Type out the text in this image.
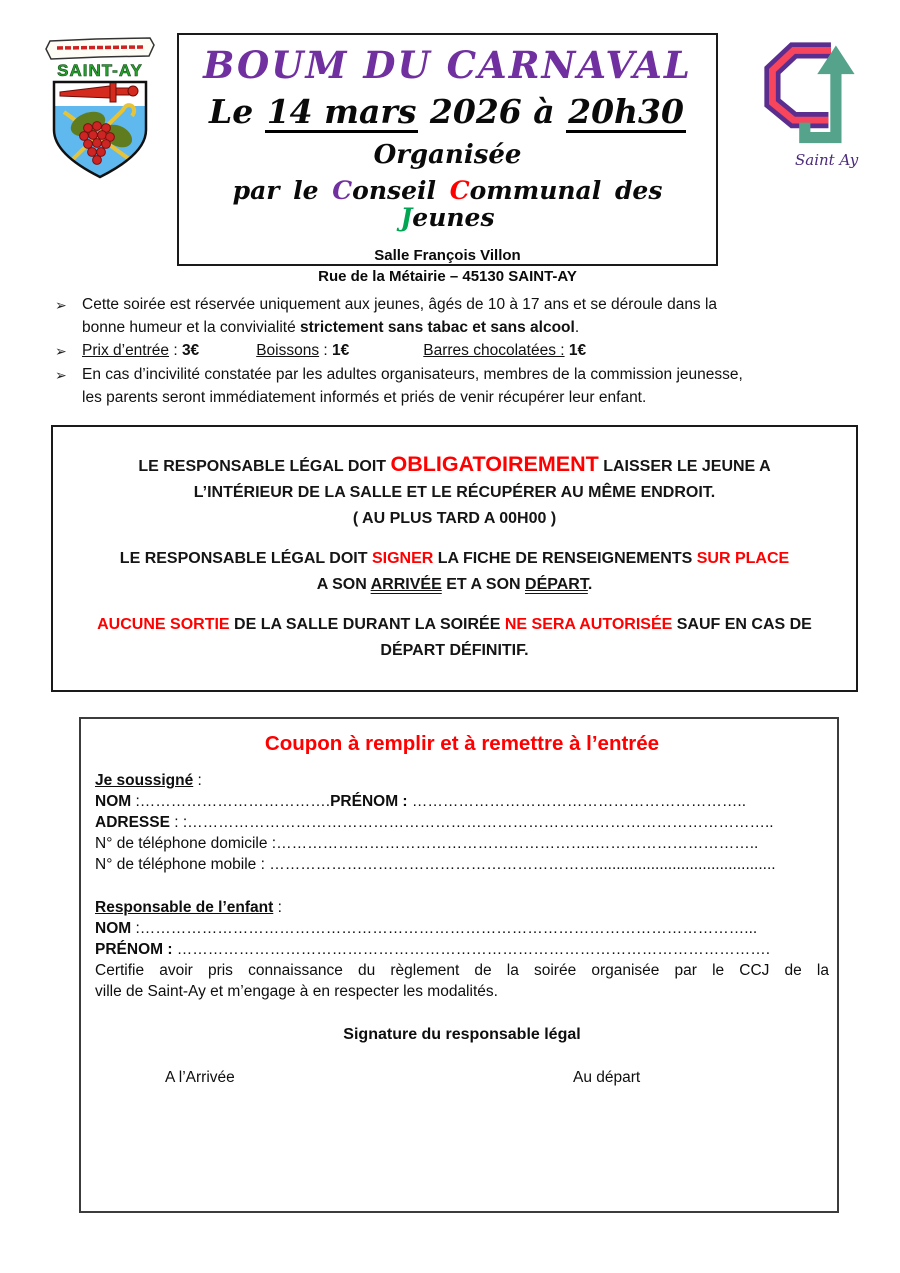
SAINT-AY	BOUM DU CARNAVAL
Le 14 mars 2026 à 20h30
Organisée
par le Conseil Communal des Jeunes
Salle François Villon
Rue de la Métairie – 45130 SAINT-AY
Saint Ay
➢ Cette soirée est réservée uniquement aux jeunes, âgés de 10 à 17 ans et se déroule dans la
bonne humeur et la convivialité strictement sans tabac et sans alcool.
➢ Prix d’entrée : 3€	Boissons : 1€	Barres chocolatées : 1€
➢ En cas d’incivilité constatée par les adultes organisateurs, membres de la commission jeunesse,
les parents seront immédiatement informés et priés de venir récupérer leur enfant.

LE RESPONSABLE LÉGAL DOIT OBLIGATOIREMENT LAISSER LE JEUNE A
L’INTÉRIEUR DE LA SALLE ET LE RÉCUPÉRER AU MÊME ENDROIT.
( AU PLUS TARD A 00H00 )

LE RESPONSABLE LÉGAL DOIT SIGNER LA FICHE DE RENSEIGNEMENTS SUR PLACE
A SON ARRIVÉE ET A SON DÉPART.

AUCUNE SORTIE DE LA SALLE DURANT LA SOIRÉE NE SERA AUTORISÉE SAUF EN CAS DE
DÉPART DÉFINITIF.

Coupon à remplir et à remettre à l’entrée
Je soussigné :
NOM :……………………………….PRÉNOM : ………………………………………………………..
ADRESSE : :…………………………………………………………………….……………………………..
N° de téléphone domicile :……………………………………………………..…………………………..
N° de téléphone mobile : ………………………………………………………..........................................
Responsable de l’enfant :
NOM :………………………………………………………………………………………………………...
PRÉNOM : …………………………………………………………………………………………………….
Certifie avoir pris connaissance du règlement de la soirée organisée par le CCJ de la
ville de Saint-Ay et m’engage à en respecter les modalités.
Signature du responsable légal
A l’Arrivée	Au départ
